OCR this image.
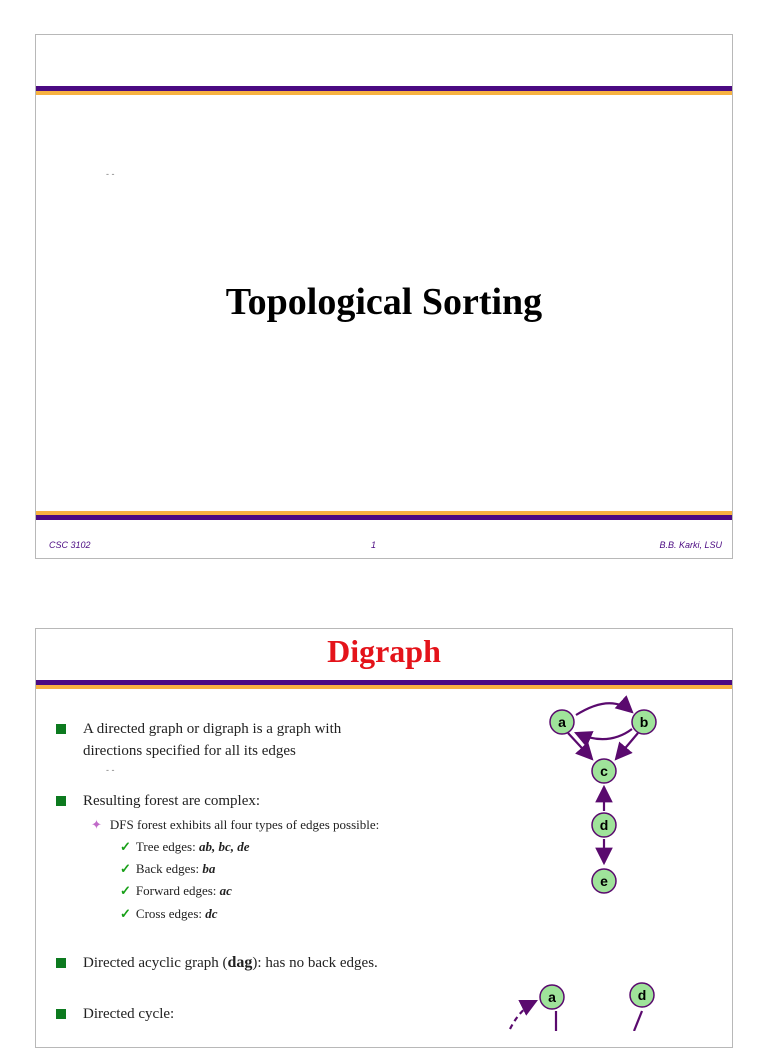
- -
Topological Sorting
CSC 3102	1	B.B. Karki, LSU
Digraph
A directed graph or digraph is a graph with
directions specified for all its edges
- -
Resulting forest are complex:
✦ DFS forest exhibits all four types of edges possible:
✓ Tree edges: ab, bc, de
✓ Back edges: ba
✓ Forward edges: ac
✓ Cross edges: dc
Directed acyclic graph (dag): has no back edges.
Directed cycle:
a	b
c
d
e
a	d
